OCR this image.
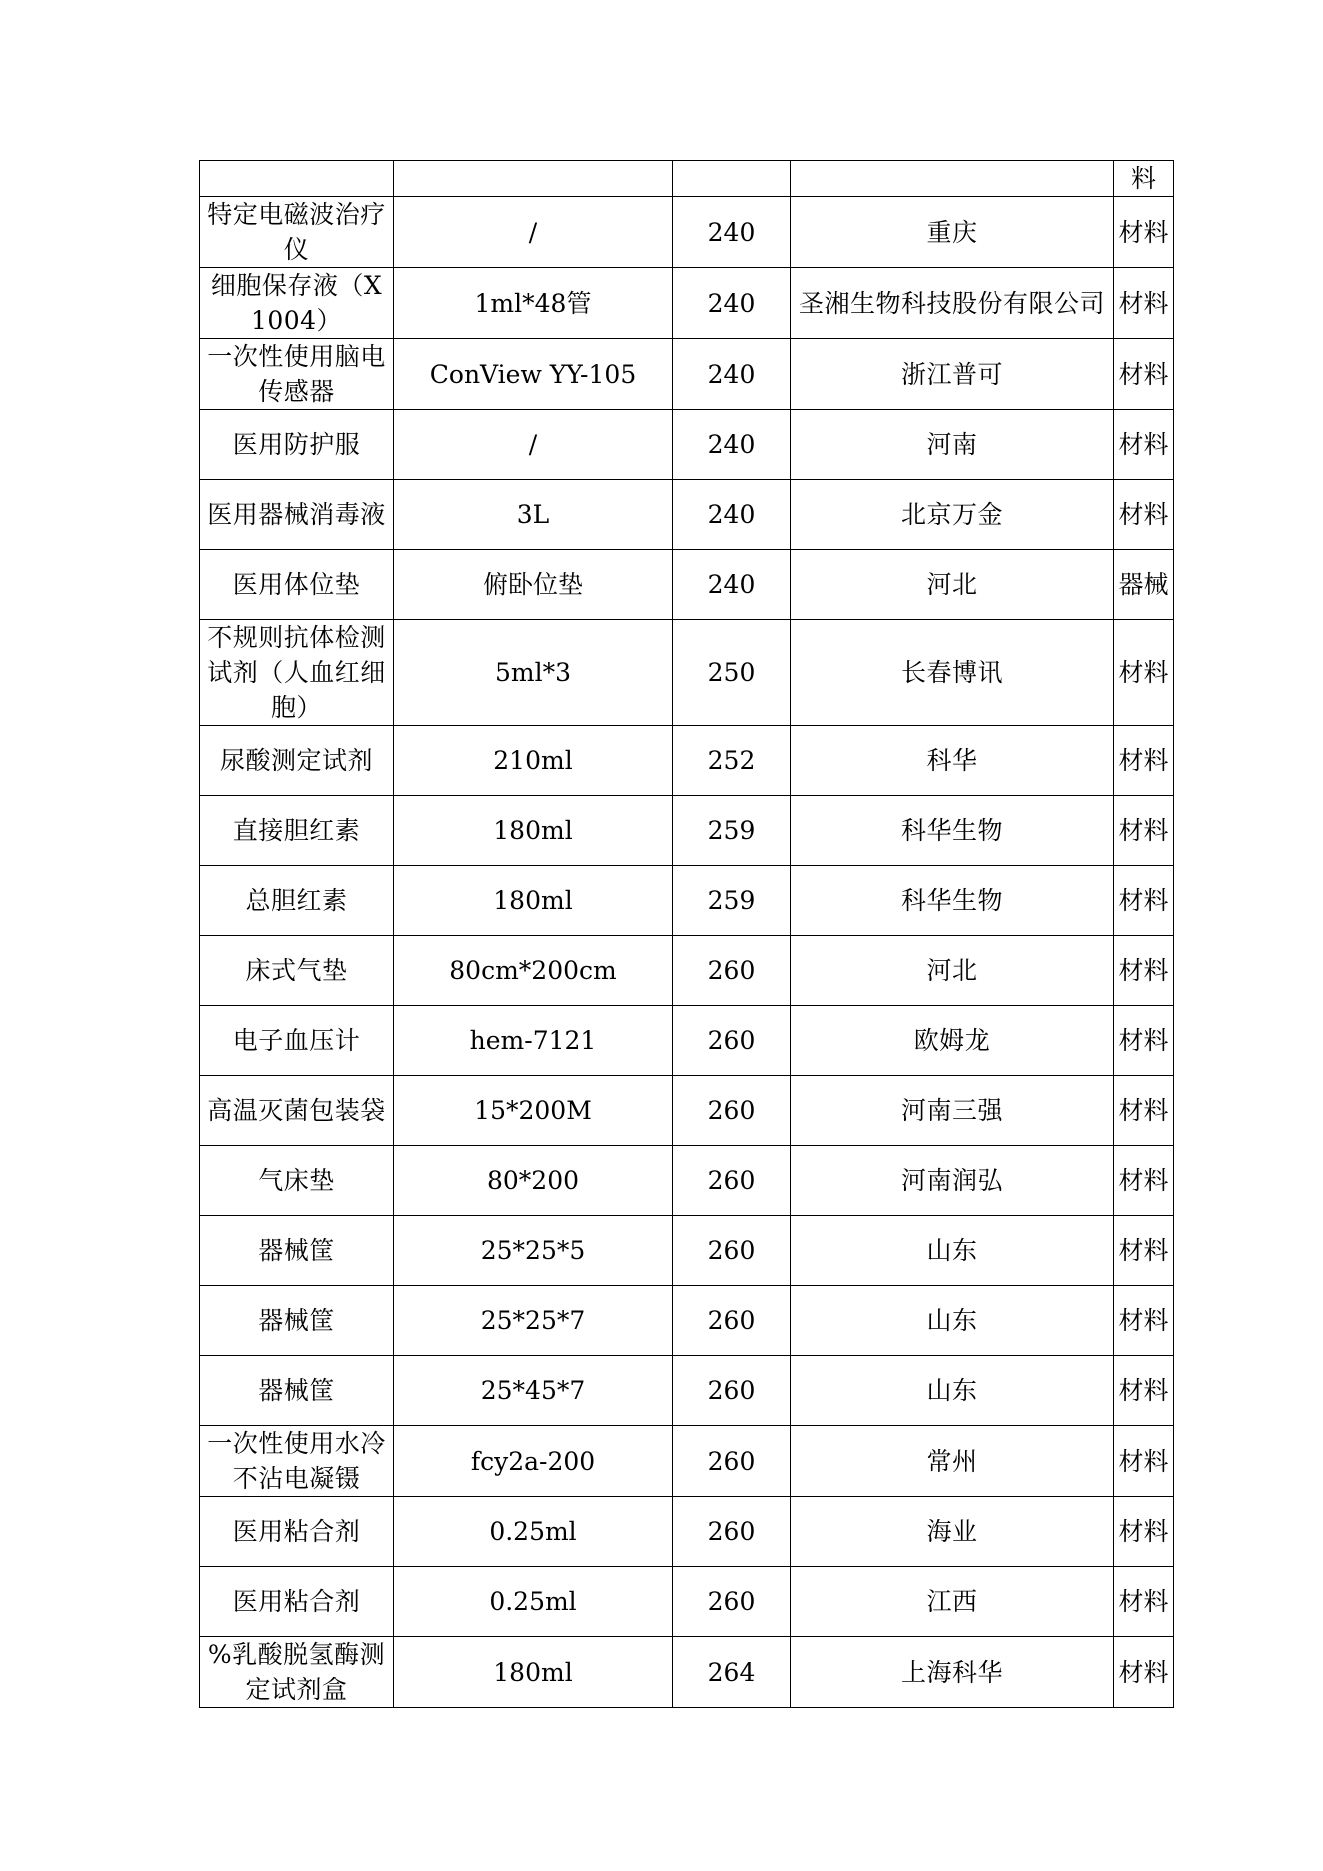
				料
特定电磁波治疗仪	/	240	重庆	材料
细胞保存液（X1004）	1ml*48管	240	圣湘生物科技股份有限公司	材料
一次性使用脑电传感器	ConView YY-105	240	浙江普可	材料
医用防护服	/	240	河南	材料
医用器械消毒液	3L	240	北京万金	材料
医用体位垫	俯卧位垫	240	河北	器械
不规则抗体检测试剂（人血红细胞）	5ml*3	250	长春博讯	材料
尿酸测定试剂	210ml	252	科华	材料
直接胆红素	180ml	259	科华生物	材料
总胆红素	180ml	259	科华生物	材料
床式气垫	80cm*200cm	260	河北	材料
电子血压计	hem-7121	260	欧姆龙	材料
高温灭菌包装袋	15*200M	260	河南三强	材料
气床垫	80*200	260	河南润弘	材料
器械筐	25*25*5	260	山东	材料
器械筐	25*25*7	260	山东	材料
器械筐	25*45*7	260	山东	材料
一次性使用水冷不沾电凝镊	fcy2a-200	260	常州	材料
医用粘合剂	0.25ml	260	海业	材料
医用粘合剂	0.25ml	260	江西	材料
%乳酸脱氢酶测定试剂盒	180ml	264	上海科华	材料
